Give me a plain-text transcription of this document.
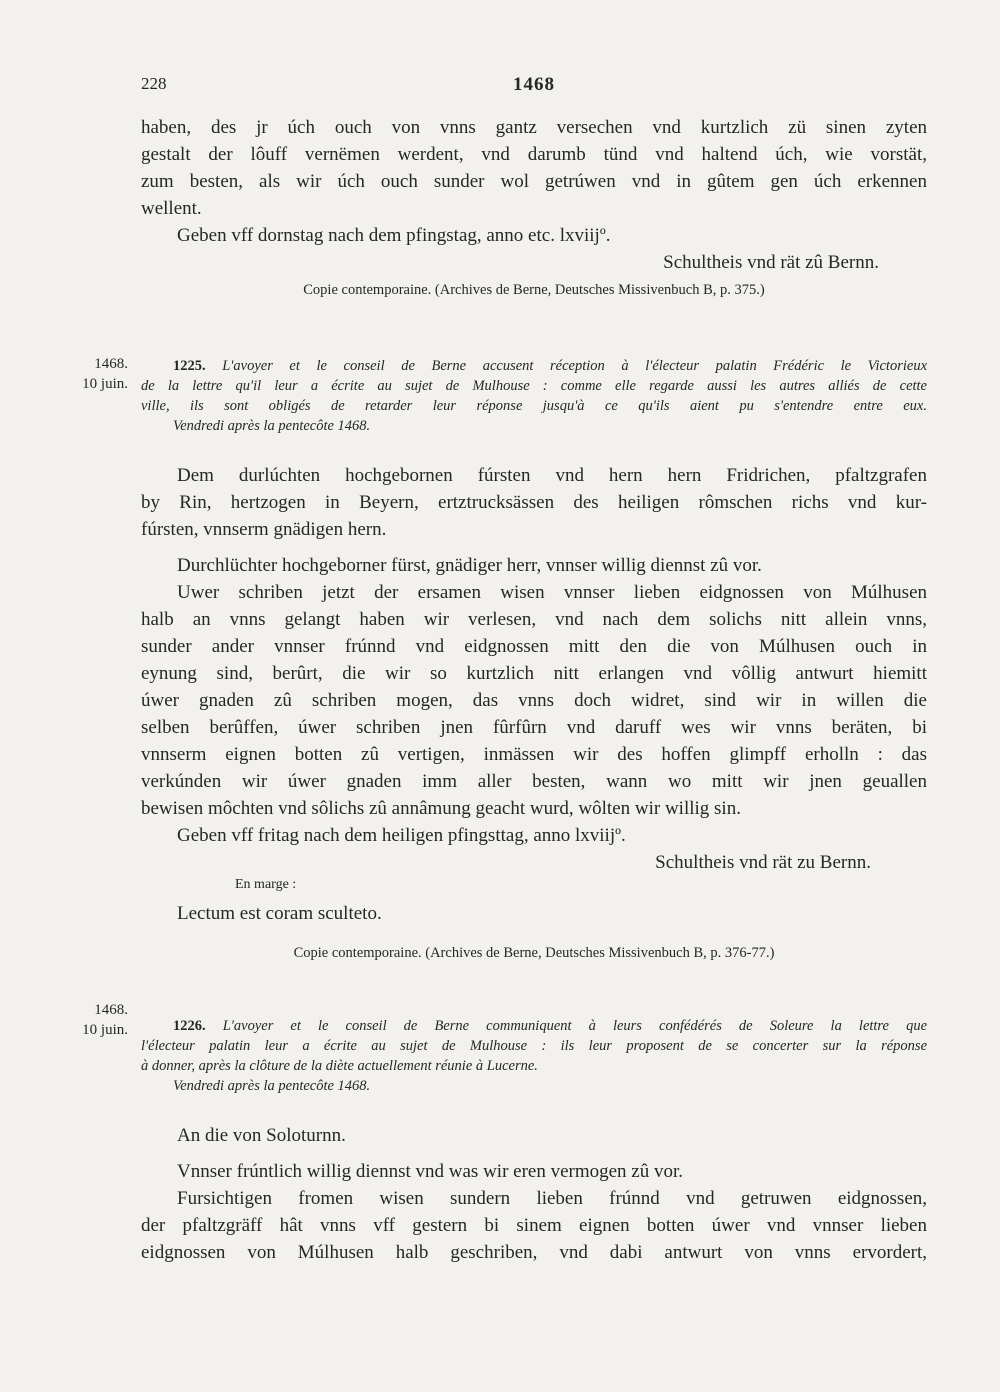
228	1468
haben, des jr úch ouch von vnns gantz versechen vnd kurtzlich zü sinen zyten
gestalt der lôuff vernëmen werdent, vnd darumb tünd vnd haltend úch, wie vorstät,
zum besten, als wir úch ouch sunder wol getrúwen vnd in gûtem gen úch erkennen
wellent.
Geben vff dornstag nach dem pfingstag, anno etc. lxviijº.
Schultheis vnd rät zû Bernn.
Copie contemporaine. (Archives de Berne, Deutsches Missivenbuch B, p. 375.)
1468.
10 juin.
1225. L'avoyer et le conseil de Berne accusent réception à l'électeur palatin Frédéric le Victorieux
de la lettre qu'il leur a écrite au sujet de Mulhouse : comme elle regarde aussi les autres alliés de cette
ville, ils sont obligés de retarder leur réponse jusqu'à ce qu'ils aient pu s'entendre entre eux.
Vendredi après la pentecôte 1468.
Dem durlúchten hochgebornen fúrsten vnd hern hern Fridrichen, pfaltzgrafen
by Rin, hertzogen in Beyern, ertztrucksässen des heiligen rômschen richs vnd kur-
fúrsten, vnnserm gnädigen hern.
Durchlüchter hochgeborner fürst, gnädiger herr, vnnser willig diennst zû vor.
Uwer schriben jetzt der ersamen wisen vnnser lieben eidgnossen von Múlhusen
halb an vnns gelangt haben wir verlesen, vnd nach dem solichs nitt allein vnns,
sunder ander vnnser frúnnd vnd eidgnossen mitt den die von Múlhusen ouch in
eynung sind, berûrt, die wir so kurtzlich nitt erlangen vnd vôllig antwurt hiemitt
úwer gnaden zû schriben mogen, das vnns doch widret, sind wir in willen die
selben berûffen, úwer schriben jnen fûrfûrn vnd daruff wes wir vnns beräten, bi
vnnserm eignen botten zû vertigen, inmässen wir des hoffen glimpff erholln : das
verkúnden wir úwer gnaden imm aller besten, wann wo mitt wir jnen geuallen
bewisen môchten vnd sôlichs zû annâmung geacht wurd, wôlten wir willig sin.
Geben vff fritag nach dem heiligen pfingsttag, anno lxviijº.
Schultheis vnd rät zu Bernn.
En marge :
Lectum est coram sculteto.
Copie contemporaine. (Archives de Berne, Deutsches Missivenbuch B, p. 376-77.)
1468.
10 juin.	1226. L'avoyer et le conseil de Berne communiquent à leurs confédérés de Soleure la lettre que
l'électeur palatin leur a écrite au sujet de Mulhouse : ils leur proposent de se concerter sur la réponse
à donner, après la clôture de la diète actuellement réunie à Lucerne.
Vendredi après la pentecôte 1468.
An die von Soloturnn.
Vnnser frúntlich willig diennst vnd was wir eren vermogen zû vor.
Fursichtigen fromen wisen sundern lieben frúnnd vnd getruwen eidgnossen,
der pfaltzgräff hât vnns vff gestern bi sinem eignen botten úwer vnd vnnser lieben
eidgnossen von Múlhusen halb geschriben, vnd dabi antwurt von vnns ervordert,
